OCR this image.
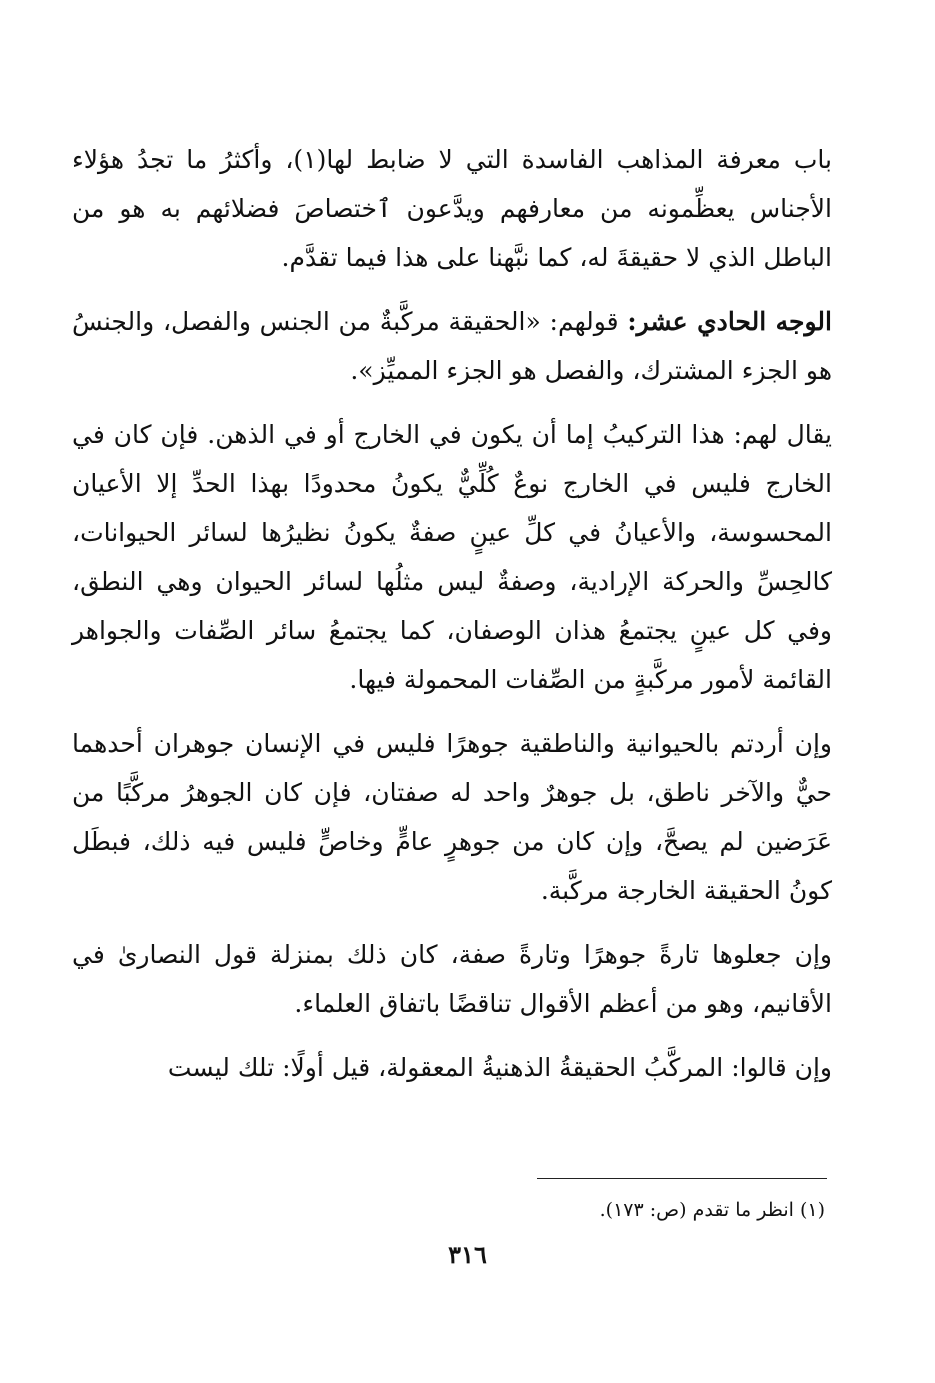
باب معرفة المذاهب الفاسدة التي لا ضابط لها(١)، وأكثرُ ما تجدُ هؤلاء الأجناس يعظِّمونه من معارفهم ويدَّعون ٱختصاصَ فضلائهم به هو من الباطل الذي لا حقيقةَ له، كما نبَّهنا على هذا فيما تقدَّم.

الوجه الحادي عشر: قولهم: «الحقيقة مركَّبةٌ من الجنس والفصل، والجنسُ هو الجزء المشترك، والفصل هو الجزء المميِّز».

يقال لهم: هذا التركيبُ إما أن يكون في الخارج أو في الذهن. فإن كان في الخارج فليس في الخارج نوعٌ كُلِّيٌّ يكونُ محدودًا بهذا الحدِّ إلا الأعيان المحسوسة، والأعيانُ في كلِّ عينٍ صفةٌ يكونُ نظيرُها لسائر الحيوانات، كالحِسِّ والحركة الإرادية، وصفةٌ ليس مثلُها لسائر الحيوان وهي النطق، وفي كل عينٍ يجتمعُ هذان الوصفان، كما يجتمعُ سائر الصِّفات والجواهر القائمة لأمور مركَّبةٍ من الصِّفات المحمولة فيها.

وإن أردتم بالحيوانية والناطقية جوهرًا فليس في الإنسان جوهران أحدهما حيٌّ والآخر ناطق، بل جوهرٌ واحد له صفتان، فإن كان الجوهرُ مركَّبًا من عَرَضين لم يصحَّ، وإن كان من جوهرٍ عامٍّ وخاصٍّ فليس فيه ذلك، فبطَل كونُ الحقيقة الخارجة مركَّبة.

وإن جعلوها تارةً جوهرًا وتارةً صفة، كان ذلك بمنزلة قول النصارىٰ في الأقانيم، وهو من أعظم الأقوال تناقضًا باتفاق العلماء.

وإن قالوا: المركَّبُ الحقيقةُ الذهنيةُ المعقولة، قيل أولًا: تلك ليست

(١) انظر ما تقدم (ص: ١٧٣).
٣١٦
